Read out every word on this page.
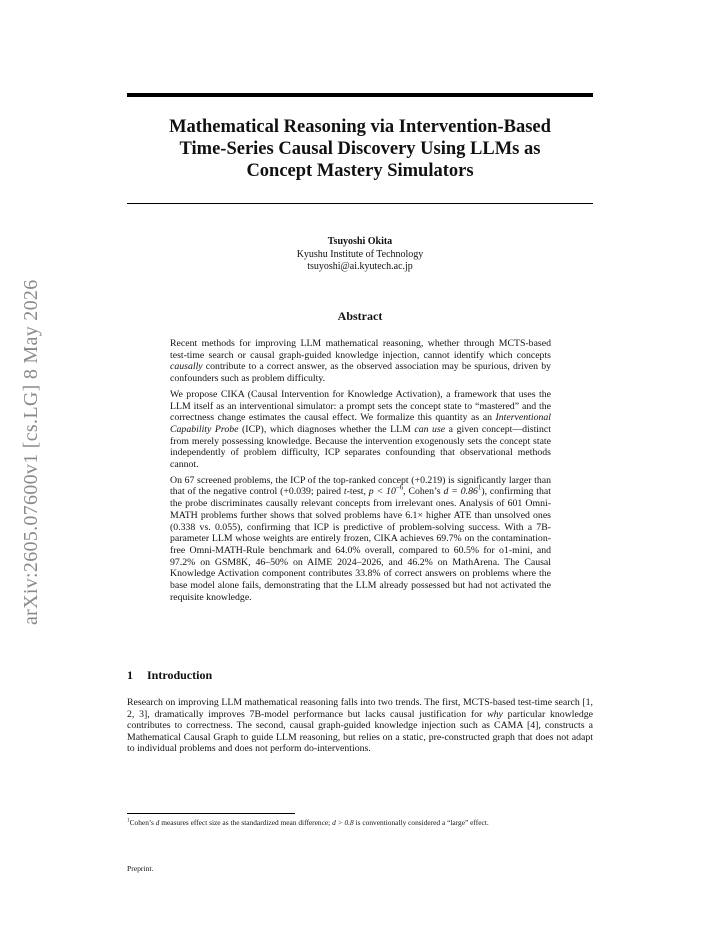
arXiv:2605.07600v1 [cs.LG] 8 May 2026
Mathematical Reasoning via Intervention-Based
Time-Series Causal Discovery Using LLMs as
Concept Mastery Simulators
Tsuyoshi Okita
Kyushu Institute of Technology
tsuyoshi@ai.kyutech.ac.jp
Abstract

Recent methods for improving LLM mathematical reasoning, whether through MCTS-based test-time search or causal graph-guided knowledge injection, cannot identify which concepts causally contribute to a correct answer, as the observed association may be spurious, driven by confounders such as problem difficulty.

We propose CIKA (Causal Intervention for Knowledge Activation), a framework that uses the LLM itself as an interventional simulator: a prompt sets the concept state to “mastered” and the correctness change estimates the causal effect. We formalize this quantity as an Interventional Capability Probe (ICP), which diagnoses whether the LLM can use a given concept—distinct from merely possessing knowledge. Because the intervention exogenously sets the concept state independently of problem difficulty, ICP separates confounding that observational methods cannot.

On 67 screened problems, the ICP of the top-ranked concept (+0.219) is significantly larger than that of the negative control (+0.039; paired t-test, $p < 10^{-6}$, Cohen’s $d = 0.86^1$), confirming that the probe discriminates causally relevant concepts from irrelevant ones. Analysis of 601 Omni-MATH problems further shows that solved problems have 6.1× higher ATE than unsolved ones (0.338 vs. 0.055), confirming that ICP is predictive of problem-solving success. With a 7B-parameter LLM whose weights are entirely frozen, CIKA achieves 69.7% on the contamination-free Omni-MATH-Rule benchmark and 64.0% overall, compared to 60.5% for o1-mini, and 97.2% on GSM8K, 46–50% on AIME 2024–2026, and 46.2% on MathArena. The Causal Knowledge Activation component contributes 33.8% of correct answers on problems where the base model alone fails, demonstrating that the LLM already possessed but had not activated the requisite knowledge.

1 Introduction

Research on improving LLM mathematical reasoning falls into two trends. The first, MCTS-based test-time search [1, 2, 3], dramatically improves 7B-model performance but lacks causal justification for why particular knowledge contributes to correctness. The second, causal graph-guided knowledge injection such as CAMA [4], constructs a Mathematical Causal Graph to guide LLM reasoning, but relies on a static, pre-constructed graph that does not adapt to individual problems and does not perform do-interventions.

$^1$Cohen’s d measures effect size as the standardized mean difference; d > 0.8 is conventionally considered a “large” effect.

Preprint.
